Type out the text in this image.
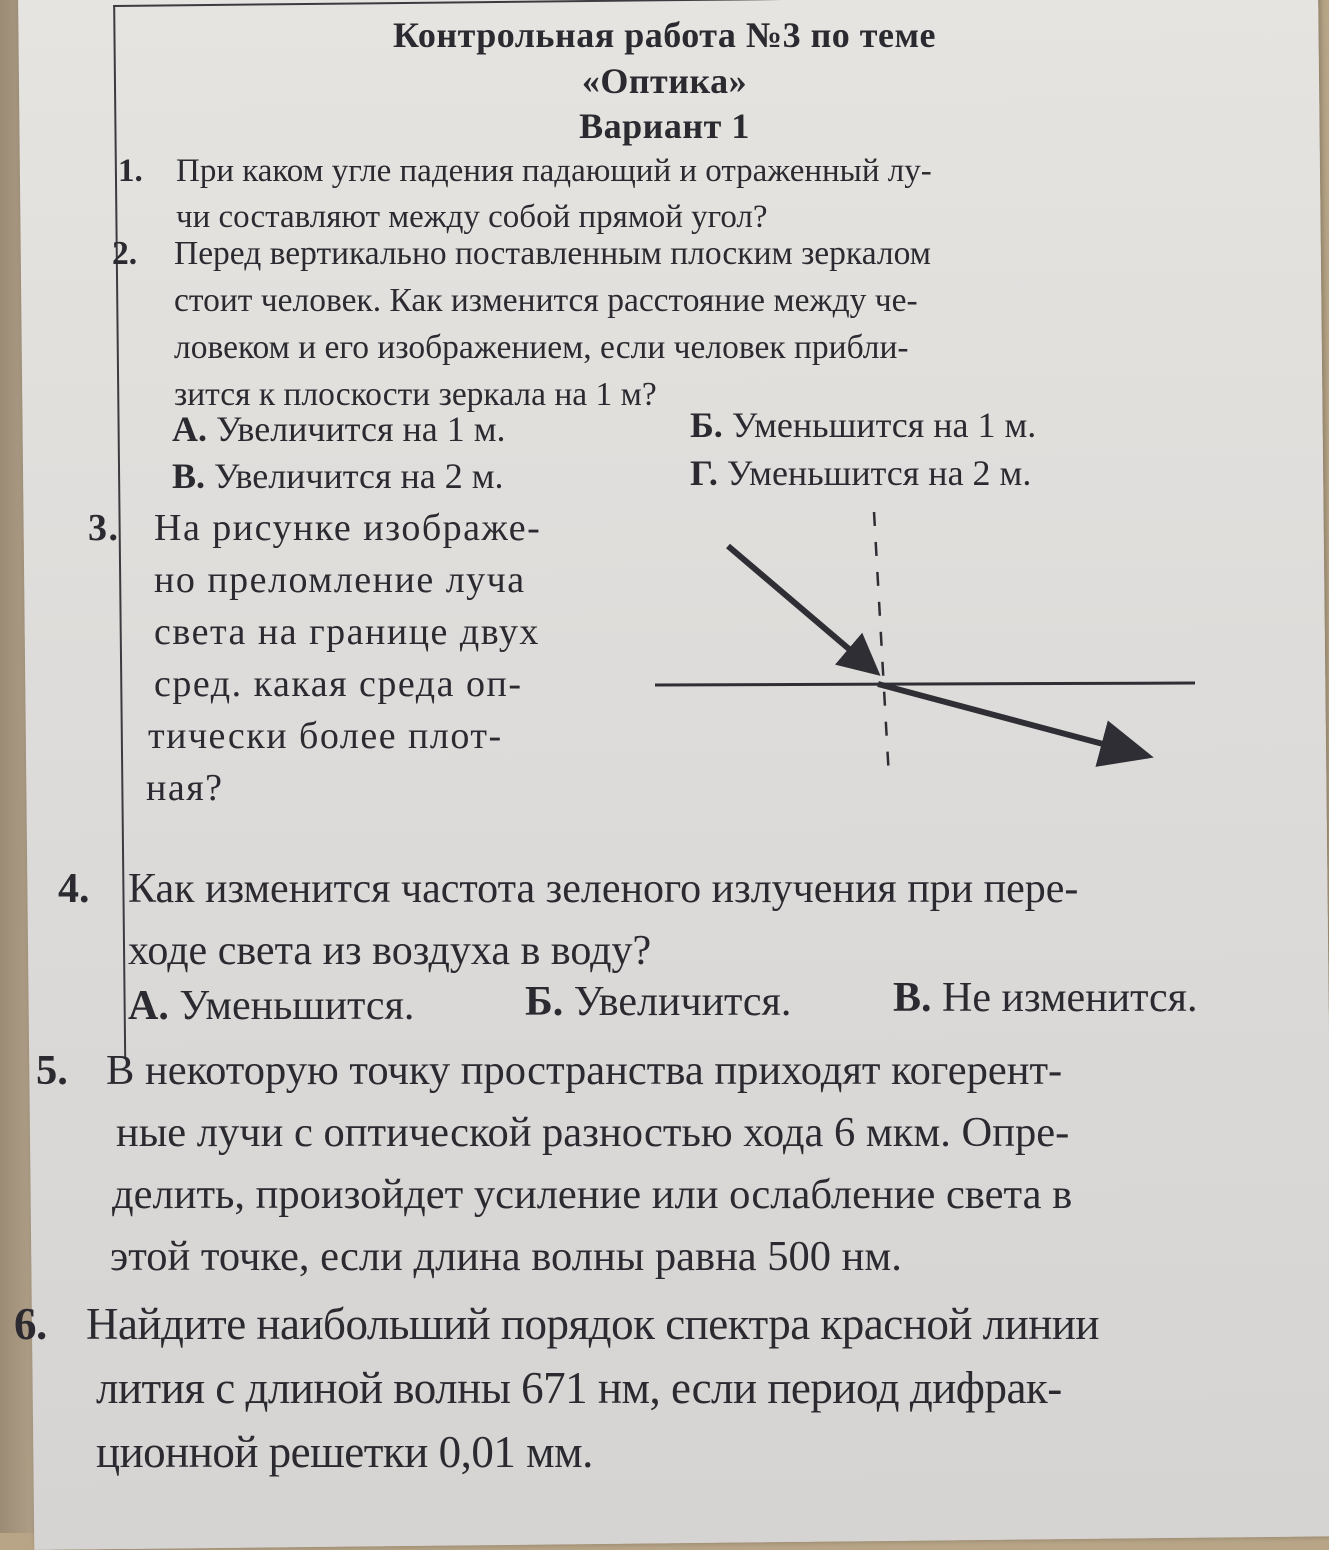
Контрольная работа №3 по теме
«Оптика»
Вариант 1
1. При каком угле падения падающий и отраженный лу-
чи составляют между собой прямой угол?
2. Перед вертикально поставленным плоским зеркалом
стоит человек. Как изменится расстояние между че-
ловеком и его изображением, если человек прибли-
зится к плоскости зеркала на 1 м?
А. Увеличится на 1 м.	Б. Уменьшится на 1 м.
В. Увеличится на 2 м.	Г. Уменьшится на 2 м.
3. На рисунке изображе-
но преломление луча
света на границе двух
сред. какая среда оп-
тически более плот-
ная?
4. Как изменится частота зеленого излучения при пере-
ходе света из воздуха в воду?
А. Уменьшится.	Б. Увеличится. В. Не изменится.
5. В некоторую точку пространства приходят когерент-
ные лучи с оптической разностью хода 6 мкм. Опре-
делить, произойдет усиление или ослабление света в
этой точке, если длина волны равна 500 нм.
6. Найдите наибольший порядок спектра красной линии
лития с длиной волны 671 нм, если период дифрак-
ционной решетки 0,01 мм.
